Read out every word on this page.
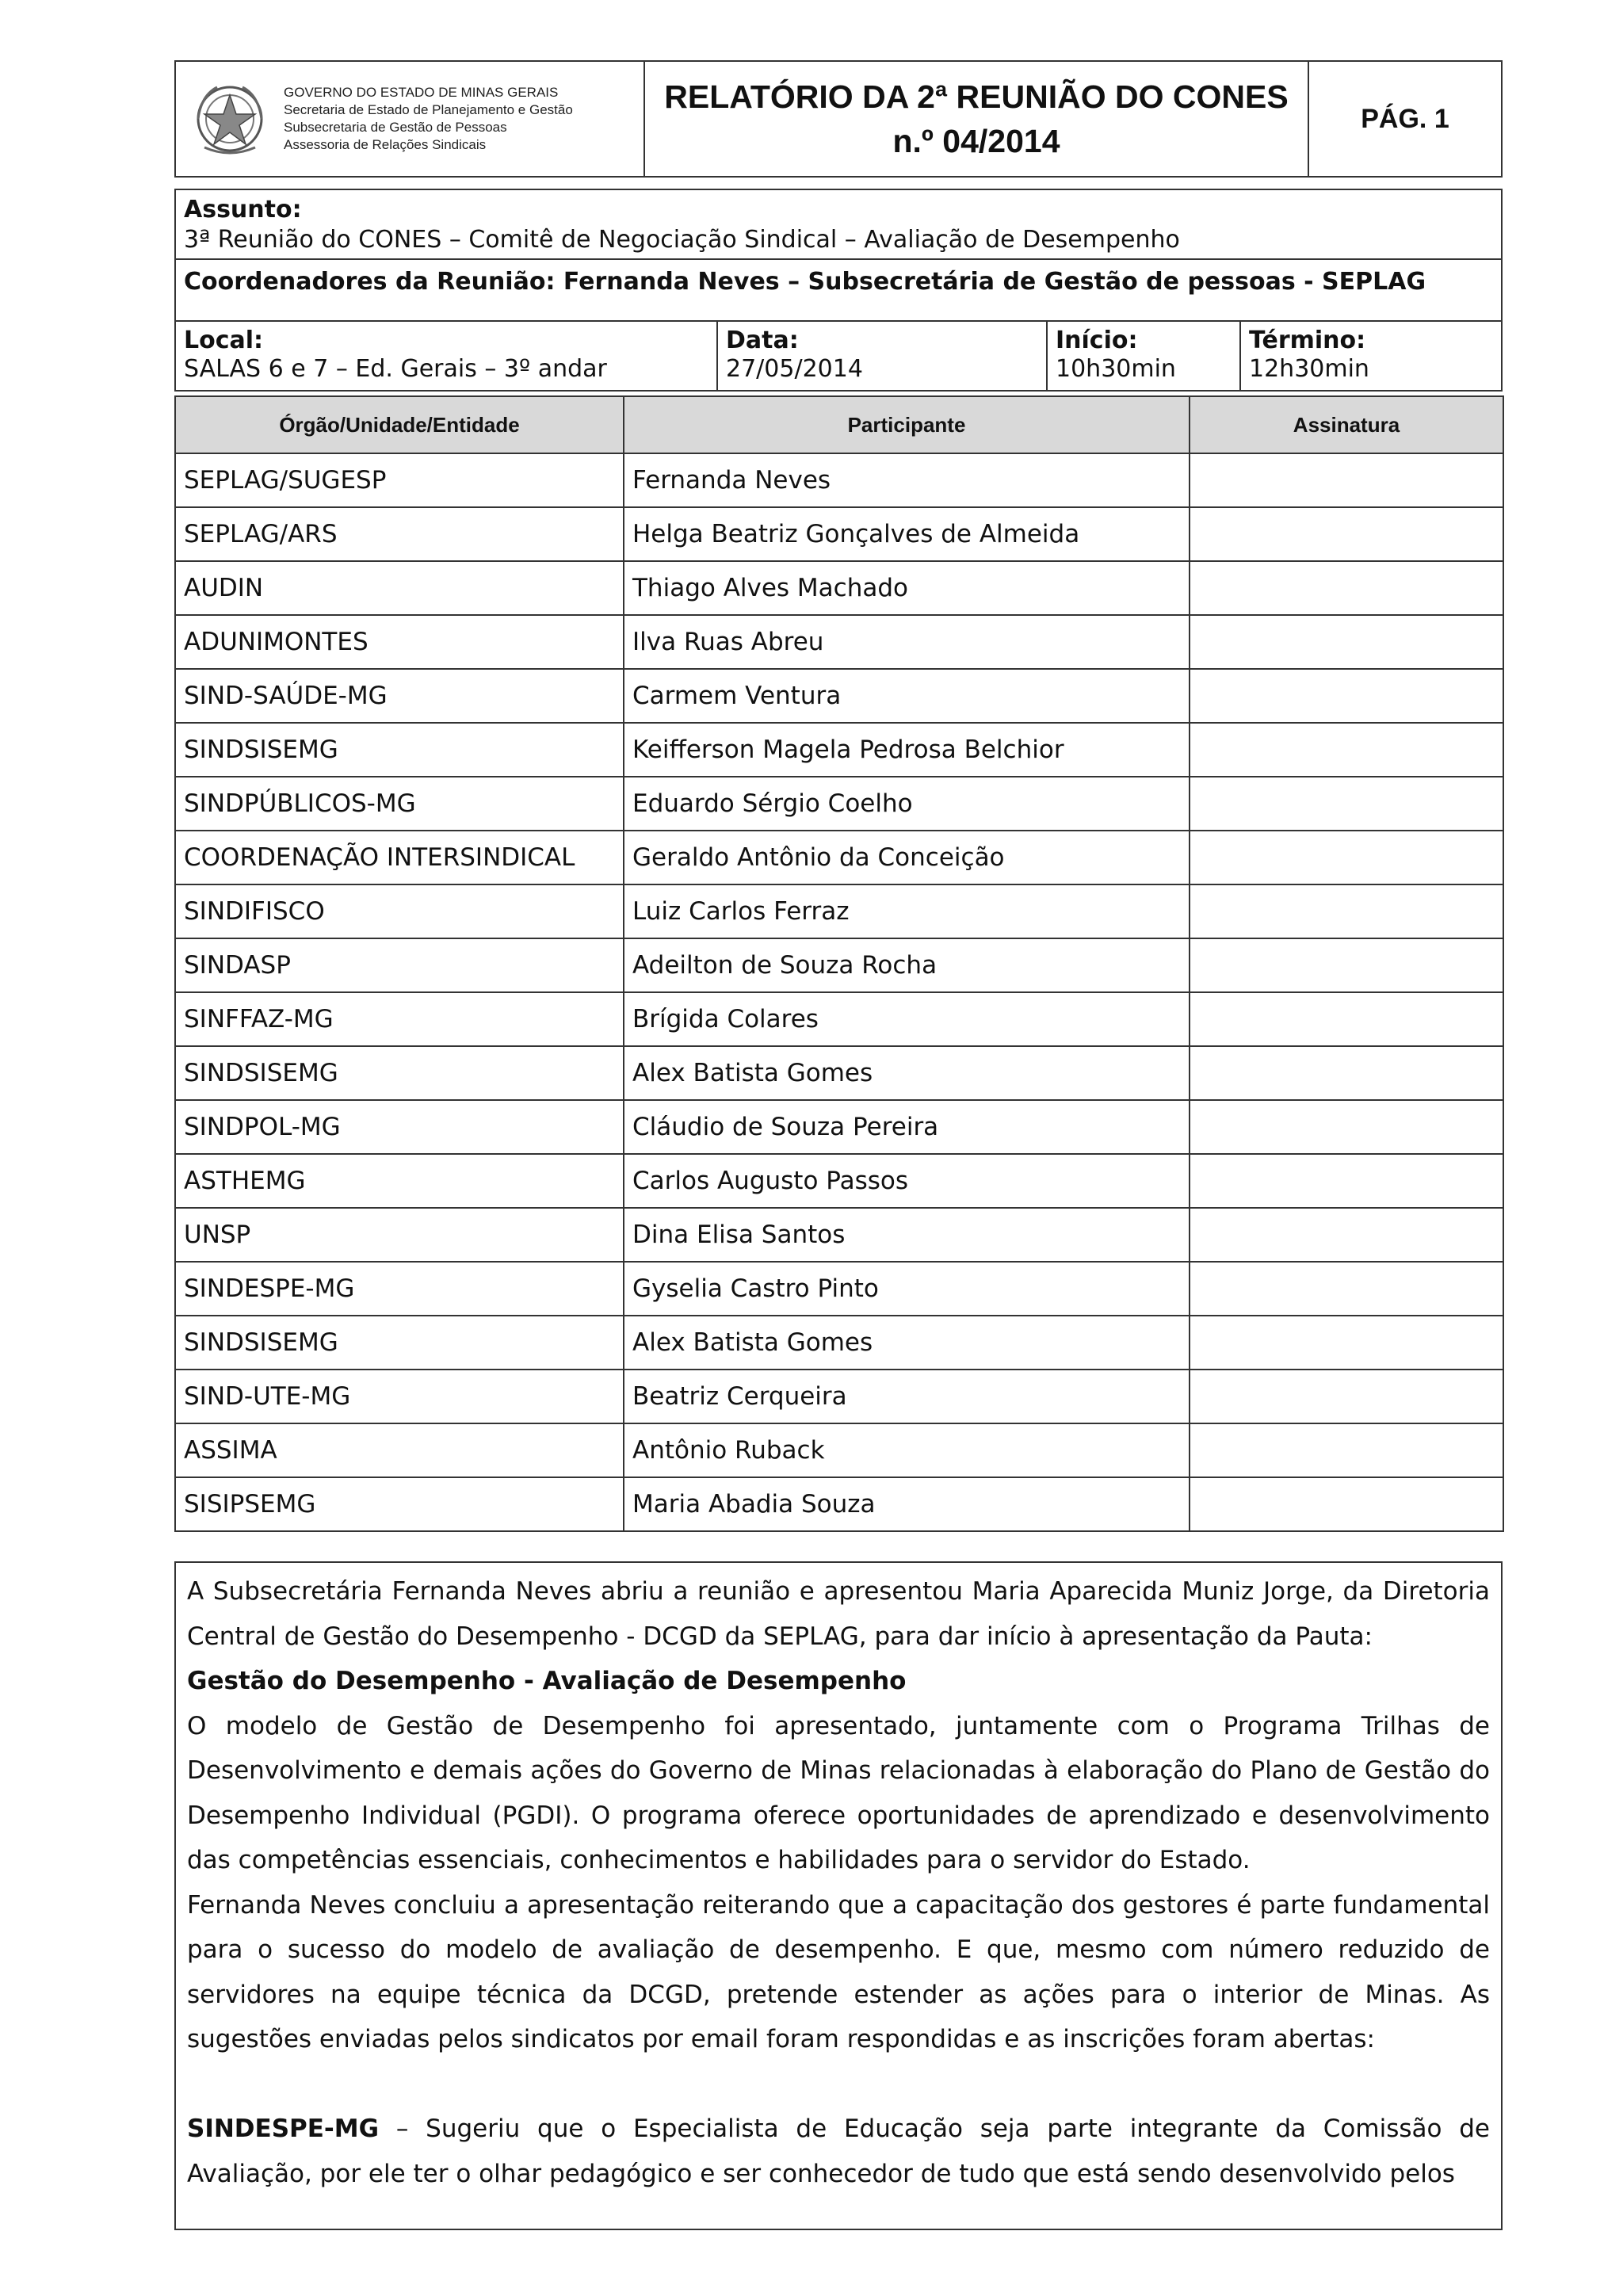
GOVERNO DO ESTADO DE MINAS GERAIS
Secretaria de Estado de Planejamento e Gestão
Subsecretaria de Gestão de Pessoas
Assessoria de Relações Sindicais
RELATÓRIO DA 2ª REUNIÃO DO CONES
n.º 04/2014
PÁG. 1
Assunto:
3ª Reunião do CONES – Comitê de Negociação Sindical – Avaliação de Desempenho
Coordenadores da Reunião: Fernanda Neves – Subsecretária de Gestão de pessoas - SEPLAG
Local:
SALAS 6 e 7 – Ed. Gerais – 3º andar
Data:
27/05/2014
Início:
10h30min
Término:
12h30min
Órgão/Unidade/Entidade	Participante	Assinatura
SEPLAG/SUGESP	Fernanda Neves	
SEPLAG/ARS	Helga Beatriz Gonçalves de Almeida	
AUDIN	Thiago Alves Machado	
ADUNIMONTES	Ilva Ruas Abreu	
SIND-SAÚDE-MG	Carmem Ventura	
SINDSISEMG	Keifferson Magela Pedrosa Belchior	
SINDPÚBLICOS-MG	Eduardo Sérgio Coelho	
COORDENAÇÃO INTERSINDICAL	Geraldo Antônio da Conceição	
SINDIFISCO	Luiz Carlos Ferraz	
SINDASP	Adeilton de Souza Rocha	
SINFFAZ-MG	Brígida Colares	
SINDSISEMG	Alex Batista Gomes	
SINDPOL-MG	Cláudio de Souza Pereira	
ASTHEMG	Carlos Augusto Passos	
UNSP	Dina Elisa Santos	
SINDESPE-MG	Gyselia Castro Pinto	
SINDSISEMG	Alex Batista Gomes	
SIND-UTE-MG	Beatriz Cerqueira	
ASSIMA	Antônio Ruback	
SISIPSEMG	Maria Abadia Souza	

A Subsecretária Fernanda Neves abriu a reunião e apresentou Maria Aparecida Muniz Jorge, da Diretoria Central de Gestão do Desempenho - DCGD da SEPLAG, para dar início à apresentação da Pauta:

Gestão do Desempenho - Avaliação de Desempenho

O modelo de Gestão de Desempenho foi apresentado, juntamente com o Programa Trilhas de Desenvolvimento e demais ações do Governo de Minas relacionadas à elaboração do Plano de Gestão do Desempenho Individual (PGDI). O programa oferece oportunidades de aprendizado e desenvolvimento das competências essenciais, conhecimentos e habilidades para o servidor do Estado.

Fernanda Neves concluiu a apresentação reiterando que a capacitação dos gestores é parte fundamental para o sucesso do modelo de avaliação de desempenho. E que, mesmo com número reduzido de servidores na equipe técnica da DCGD, pretende estender as ações para o interior de Minas. As sugestões enviadas pelos sindicatos por email foram respondidas e as inscrições foram abertas:

SINDESPE-MG – Sugeriu que o Especialista de Educação seja parte integrante da Comissão de Avaliação, por ele ter o olhar pedagógico e ser conhecedor de tudo que está sendo desenvolvido pelos
